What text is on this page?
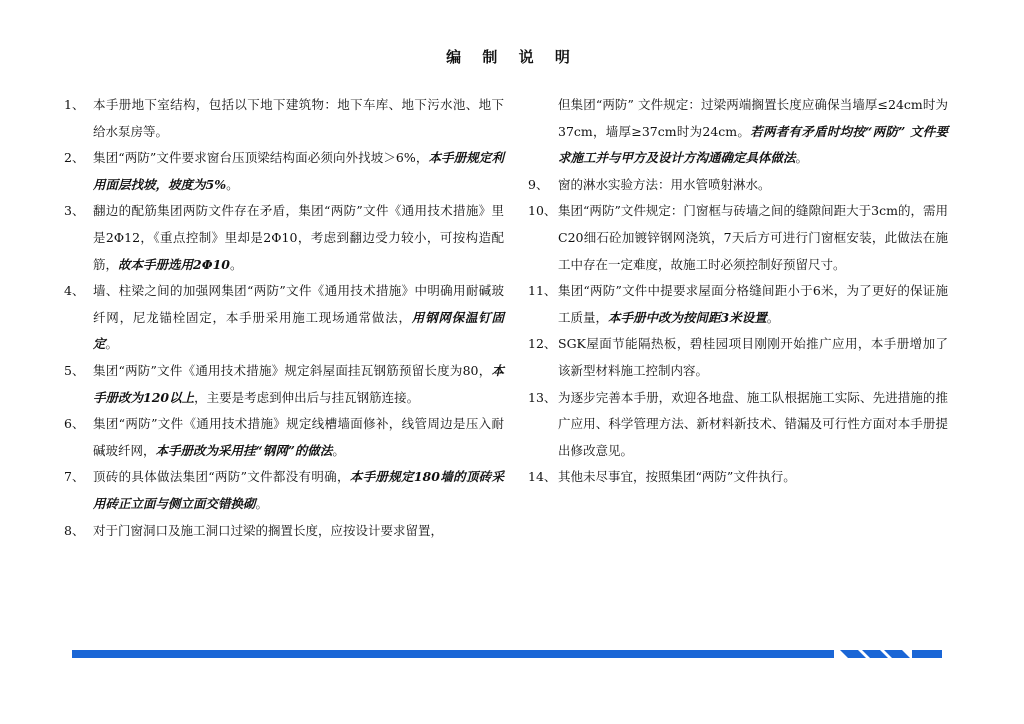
编 制 说 明
1、 本手册地下室结构，包括以下地下建筑物：地下车库、地下污水池、地下给水泵房等。
2、 集团“两防”文件要求窗台压顶梁结构面必须向外找坡＞6%，本手册规定利用面层找坡，坡度为5%。
3、 翻边的配筋集团两防文件存在矛盾，集团“两防”文件《通用技术措施》里是2Φ12，《重点控制》里却是2Φ10，考虑到翻边受力较小，可按构造配筋，故本手册选用2Φ10。
4、 墙、柱梁之间的加强网集团“两防”文件《通用技术措施》中明确用耐碱玻纤网，尼龙锚栓固定，本手册采用施工现场通常做法，用钢网保温钉固定。
5、 集团“两防”文件《通用技术措施》规定斜屋面挂瓦钢筋预留长度为80，本手册改为120以上，主要是考虑到伸出后与挂瓦钢筋连接。
6、 集团“两防”文件《通用技术措施》规定线槽墙面修补，线管周边是压入耐碱玻纤网，本手册改为采用挂“钢网”的做法。
7、 顶砖的具体做法集团“两防”文件都没有明确，本手册规定180墙的顶砖采用砖正立面与侧立面交错换砌。
8、 对于门窗洞口及施工洞口过梁的搁置长度，应按设计要求留置，
但集团“两防” 文件规定：过梁两端搁置长度应确保当墙厚≤24cm时为37cm，墙厚≥37cm时为24cm。若两者有矛盾时均按“两防” 文件要求施工并与甲方及设计方沟通确定具体做法。
9、 窗的淋水实验方法：用水管喷射淋水。
10、 集团“两防”文件规定：门窗框与砖墙之间的缝隙间距大于3cm的，需用C20细石砼加镀锌钢网浇筑，7天后方可进行门窗框安装，此做法在施工中存在一定难度，故施工时必须控制好预留尺寸。
11、 集团“两防”文件中提要求屋面分格缝间距小于6米，为了更好的保证施工质量，本手册中改为按间距3米设置。
12、 SGK屋面节能隔热板，碧桂园项目刚刚开始推广应用，本手册增加了该新型材料施工控制内容。
13、 为逐步完善本手册，欢迎各地盘、施工队根据施工实际、先进措施的推广应用、科学管理方法、新材料新技术、错漏及可行性方面对本手册提出修改意见。
14、 其他未尽事宜，按照集团“两防”文件执行。
